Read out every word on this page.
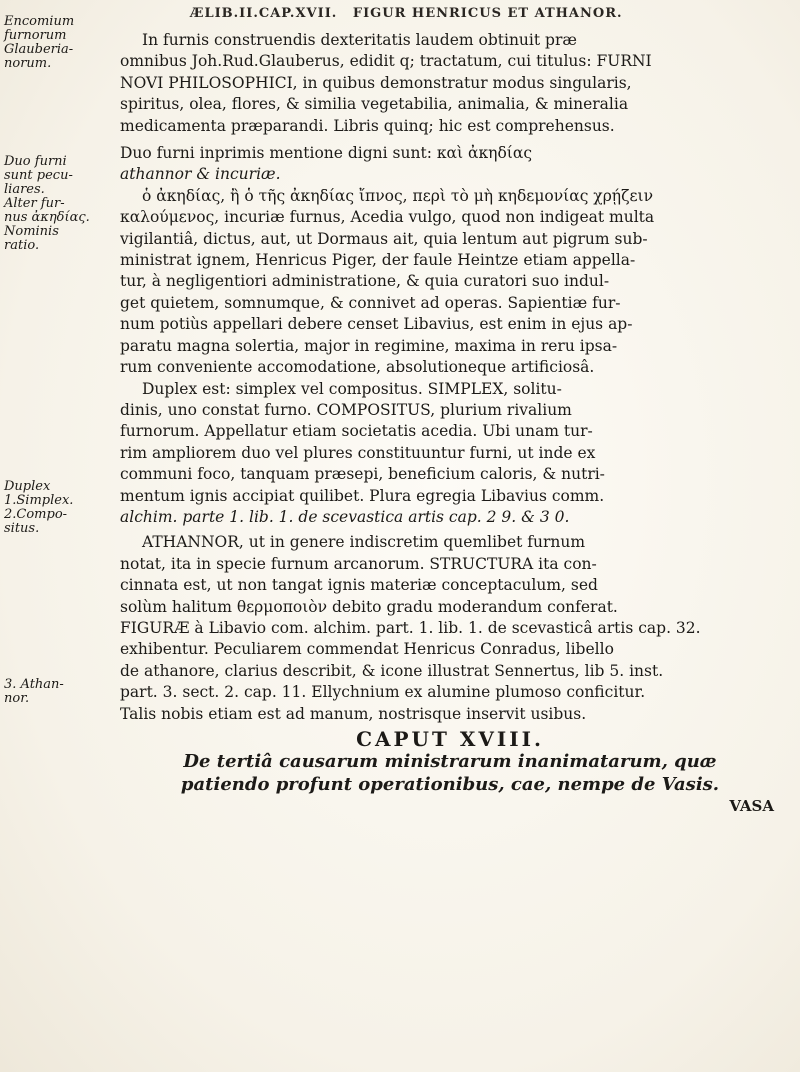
ÆLIB.II.CAP.XVII. FIGUR HENRICUS ET ATHANOR.
Encomium
furnorum
Glauberia-
norum.
Duo furni
sunt pecu-
liares.
Alter fur-
nus ἀκηδίας.
Nominis
ratio.
Duplex
1.Simplex.
2.Compo-
situs.
3. Athan-
nor.
In furnis construendis dexteritatis laudem obtinuit præ
omnibus Joh.Rud.Glauberus, edidit q; tractatum, cui titulus: FURNI
NOVI PHILOSOPHICI, in quibus demonstratur modus singularis,
spiritus, olea, flores, & similia vegetabilia, animalia, & mineralia
medicamenta præparandi. Libris quinq; hic est comprehensus.
Duo furni inprimis mentione digni sunt: καὶ ἀκηδίας
athannor & incuriæ.
ὁ ἀκηδίας, ἢ ὁ τῆς ἀκηδίας ἴπνος, περὶ τὸ μὴ κηδεμονίας χρῄζειν
καλούμενος, incuriæ furnus, Acedia vulgo, quod non indigeat multa
vigilantiâ, dictus, aut, ut Dormaus ait, quia lentum aut pigrum sub-
ministrat ignem, Henricus Piger, der faule Heintze etiam appella-
tur, à negligentiori administratione, & quia curatori suo indul-
get quietem, somnumque, & connivet ad operas. Sapientiæ fur-
num potiùs appellari debere censet Libavius, est enim in ejus ap-
paratu magna solertia, major in regimine, maxima in reru ipsa-
rum conveniente accomodatione, absolutioneque artificiosâ.
Duplex est: simplex vel compositus. SIMPLEX, solitu-
dinis, uno constat furno. COMPOSITUS, plurium rivalium
furnorum. Appellatur etiam societatis acedia. Ubi unam tur-
rim ampliorem duo vel plures constituuntur furni, ut inde ex
communi foco, tanquam præsepi, beneficium caloris, & nutri-
mentum ignis accipiat quilibet. Plura egregia Libavius comm.
alchim. parte 1. lib. 1. de scevastica artis cap. 2 9. & 3 0.
ATHANNOR, ut in genere indiscretim quemlibet furnum
notat, ita in specie furnum arcanorum. STRUCTURA ita con-
cinnata est, ut non tangat ignis materiæ conceptaculum, sed
solùm halitum θερμοποιὸν debito gradu moderandum conferat.
FIGURÆ à Libavio com. alchim. part. 1. lib. 1. de scevasticâ artis cap. 32.
exhibentur. Peculiarem commendat Henricus Conradus, libello
de athanore, clarius describit, & icone illustrat Sennertus, lib 5. inst.
part. 3. sect. 2. cap. 11. Ellychnium ex alumine plumoso conficitur.
Talis nobis etiam est ad manum, nostrisque inservit usibus.
CAPUT XVIII.
De tertiâ causarum ministrarum inanimatarum, quæ
patiendo profunt operationibus, cae, nempe de Vasis.
VASA
